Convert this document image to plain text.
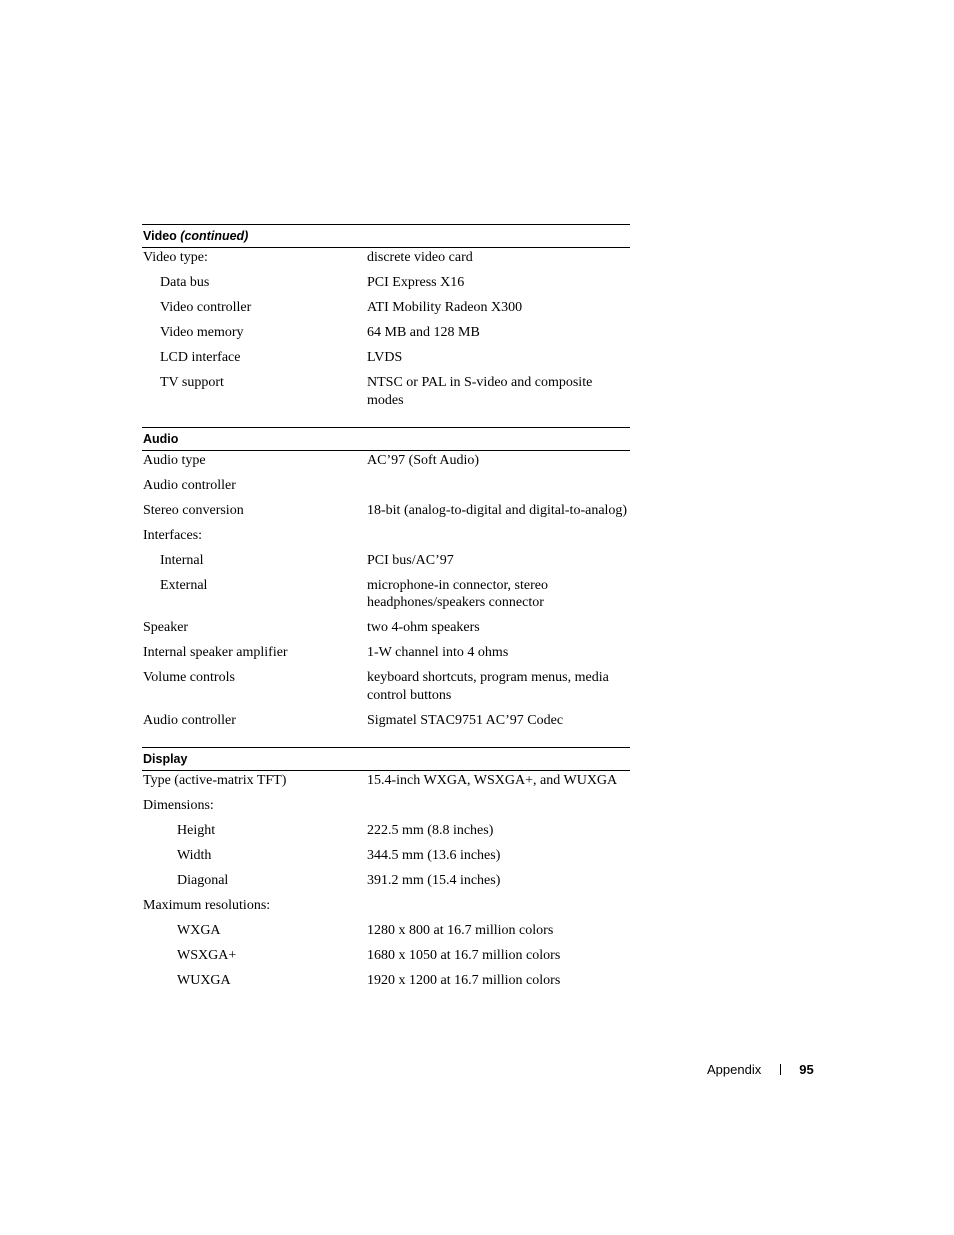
Video (continued)
Video type:	discrete video card
Data bus	PCI Express X16
Video controller	ATI Mobility Radeon X300
Video memory	64 MB and 128 MB
LCD interface	LVDS
TV support	NTSC or PAL in S-video and composite modes
Audio
Audio type	AC’97 (Soft Audio)
Audio controller
Stereo conversion	18-bit (analog-to-digital and digital-to-analog)
Interfaces:
Internal	PCI bus/AC’97
External	microphone-in connector, stereo headphones/speakers connector
Speaker	two 4-ohm speakers
Internal speaker amplifier	1-W channel into 4 ohms
Volume controls	keyboard shortcuts, program menus, media control buttons
Audio controller	Sigmatel STAC9751 AC’97 Codec
Display
Type (active-matrix TFT)	15.4-inch WXGA, WSXGA+, and WUXGA
Dimensions:
Height	222.5 mm (8.8 inches)
Width	344.5 mm (13.6 inches)
Diagonal	391.2 mm (15.4 inches)
Maximum resolutions:
WXGA	1280 x 800 at 16.7 million colors
WSXGA+	1680 x 1050 at 16.7 million colors
WUXGA	1920 x 1200 at 16.7 million colors
Appendix	95
